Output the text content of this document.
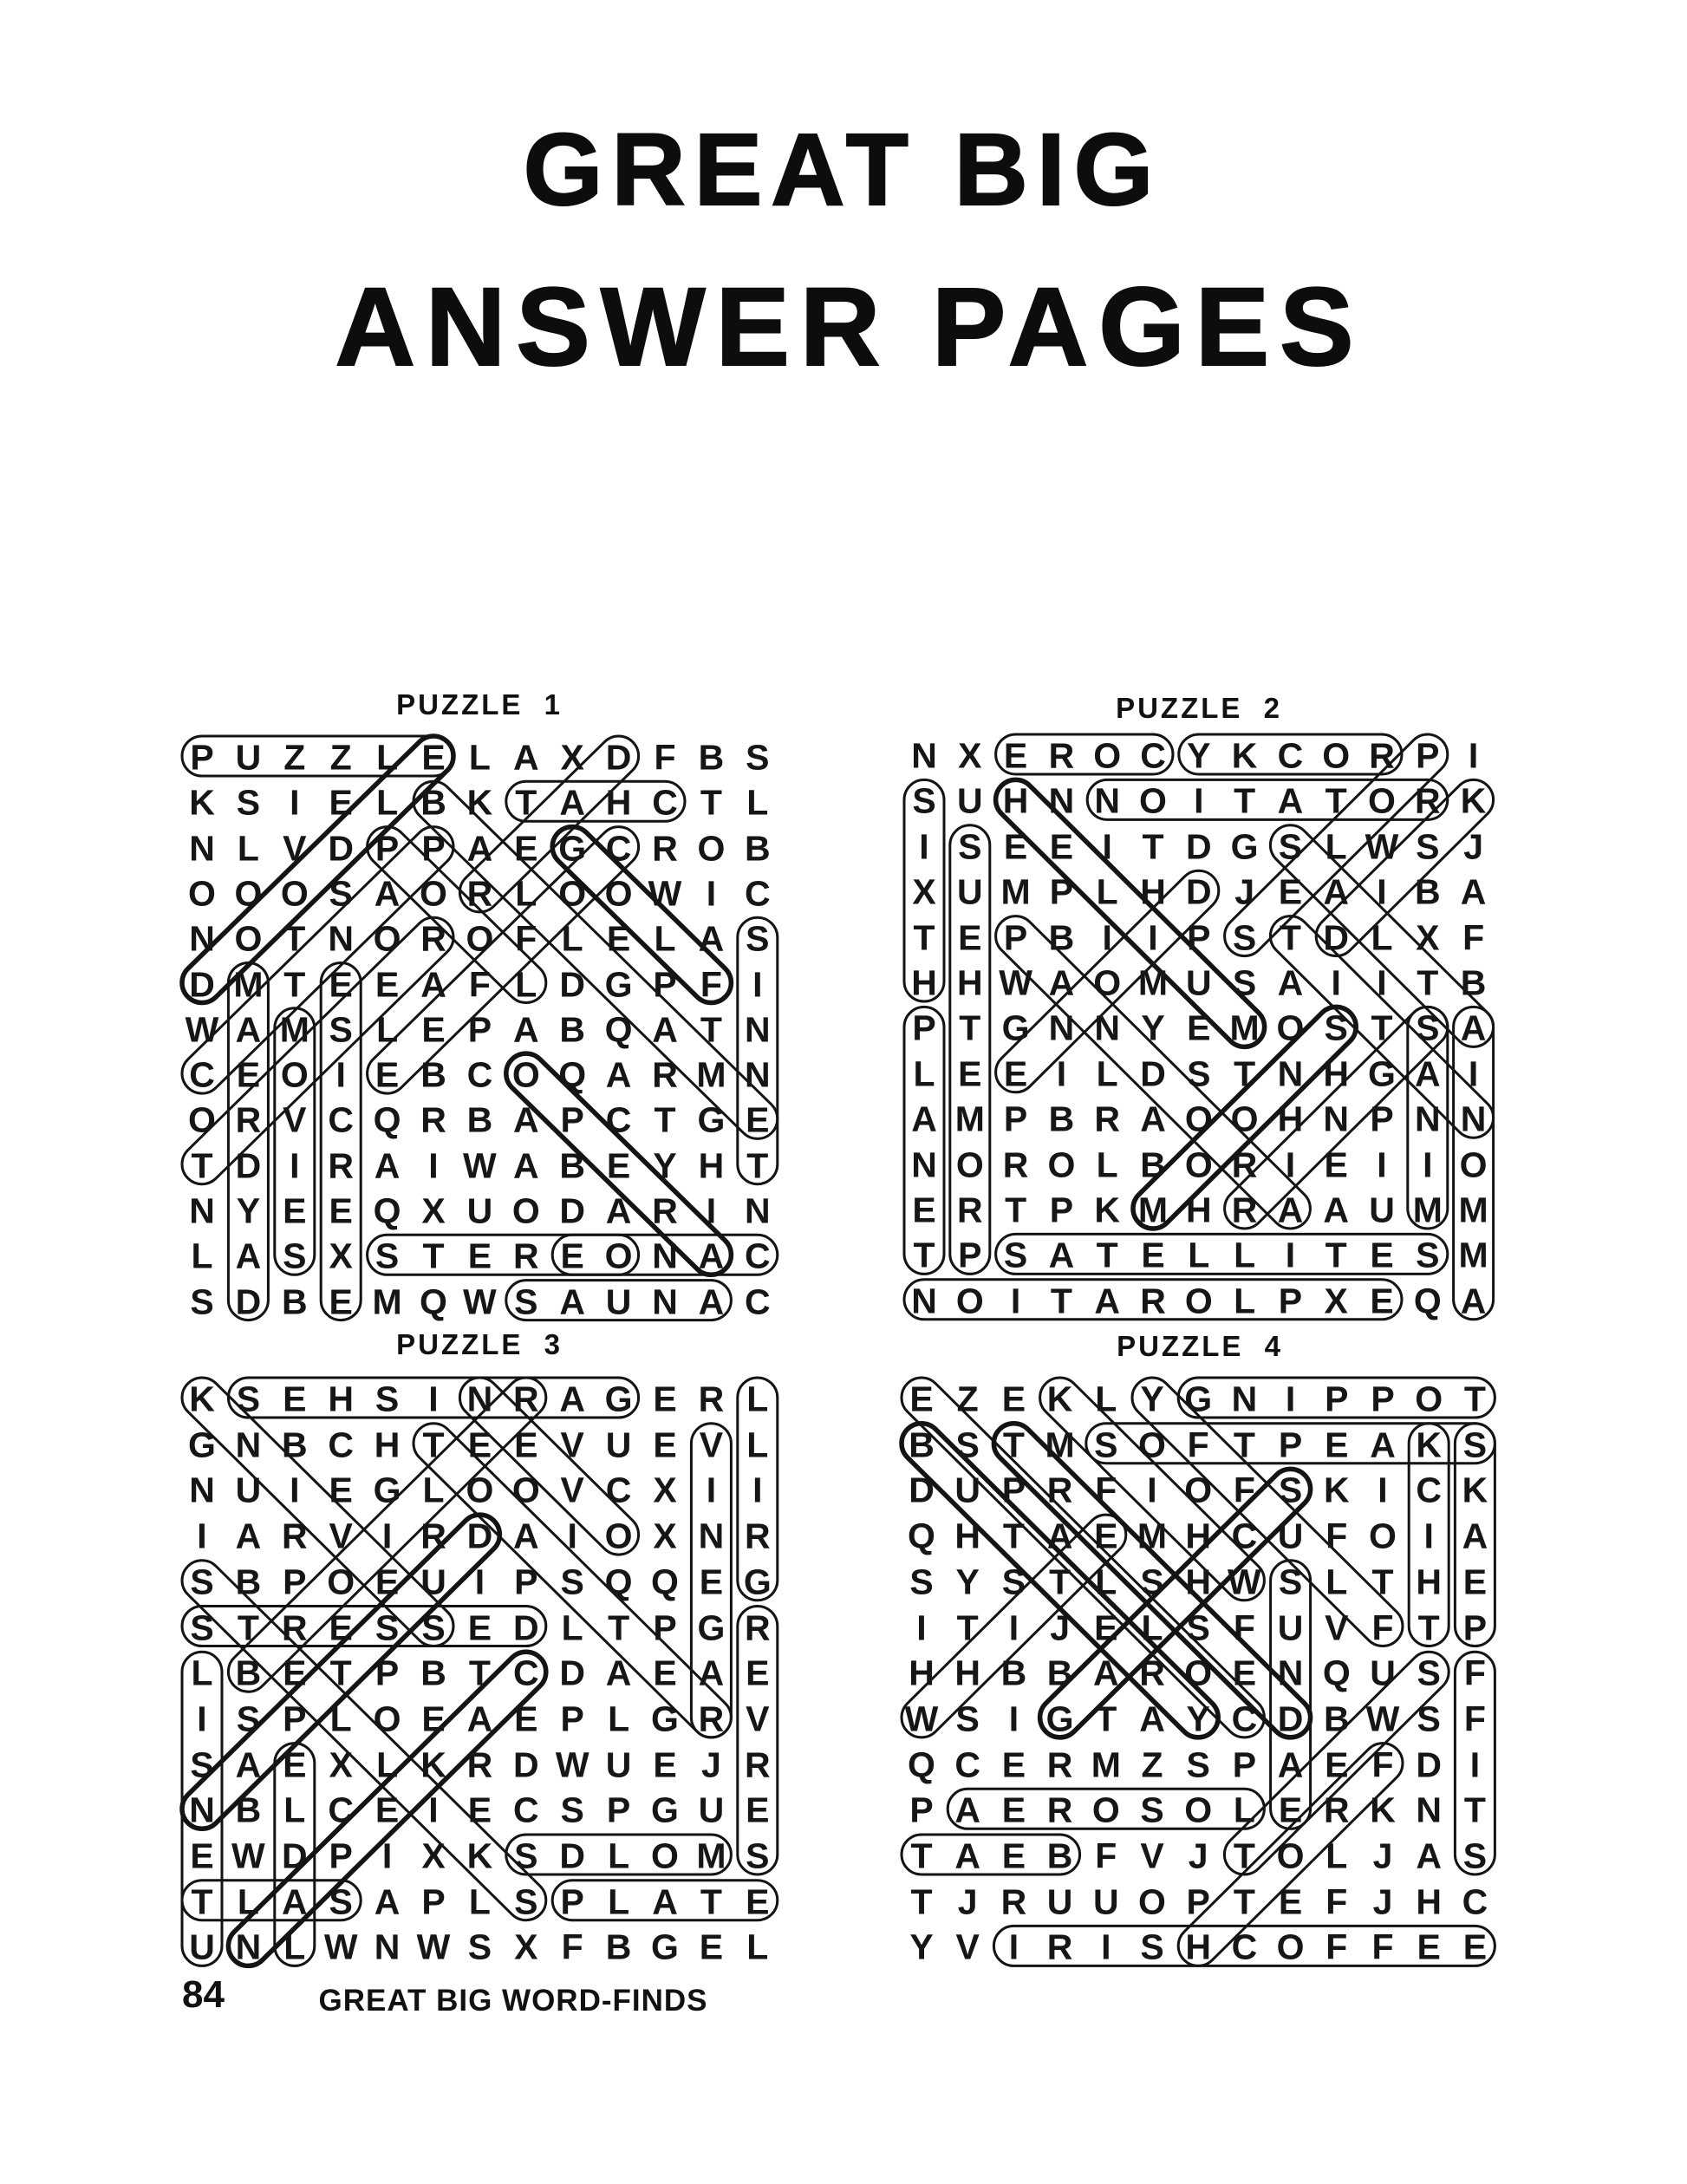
GREAT BIG
ANSWER PAGES
PUZZLE 1	PUZZLE 2
PUZZLE 3	PUZZLE 4
P U Z Z L E L A X D F B S
K S I E L B K T A H C T L
N L V D P P A E G C R O B
O O O S A O R L O O W I C
N O T N O R O F L E L A S
D M T E E A F L D G P F I
W A M S L E P A B Q A T N
C E O I E B C O Q A R M N
O R V C Q R B A P C T G E
T D I R A I W A B E Y H T
N Y E E Q X U O D A R I N
L A S X S T E R E O N A C
S D B E M Q W S A U N A C
N X E R O C Y K C O R P I
S U H N N O I T A T O R K
I S E E I T D G S L W S J
X U M P L H D J E A I B A
T E P B I I P S T D L X F
H H W A O M U S A I I T B
P T G N N Y E M O S T S A
L E E I L D S T N H G A I
A M P B R A O O H N P N N
N O R O L B O R I E I I O
E R T P K M H R A A U M M
T P S A T E L L I T E S M
N O I T A R O L P X E Q A
K S E H S I N R A G E R L
G N B C H T E E V U E V L
N U I E G L O O V C X I I
I A R V I R D A I O X N R
S B P O E U I P S Q Q E G
S T R E S S E D L T P G R
L B E T P B T C D A E A E
I S P L O E A E P L G R V
S A E X L K R D W U E J R
N B L C E I E C S P G U E
E W D P I X K S D L O M S
T L A S A P L S P L A T E
U N L W N W S X F B G E L
E Z E K L Y G N I P P O T
B S T M S O F T P E A K S
D U P R F I O F S K I C K
Q H T A E M H C U F O I A
S Y S T L S H W S L T H E
I T I J E L S F U V F T P
H H B B A R O E N Q U S F
W S I G T A Y C D B W S F
Q C E R M Z S P A E F D I
P A E R O S O L E R K N T
T A E B F V J T O L J A S
T J R U U O P T E F J H C
Y V I R I S H C O F F E E
84	GREAT BIG WORD-FINDS
